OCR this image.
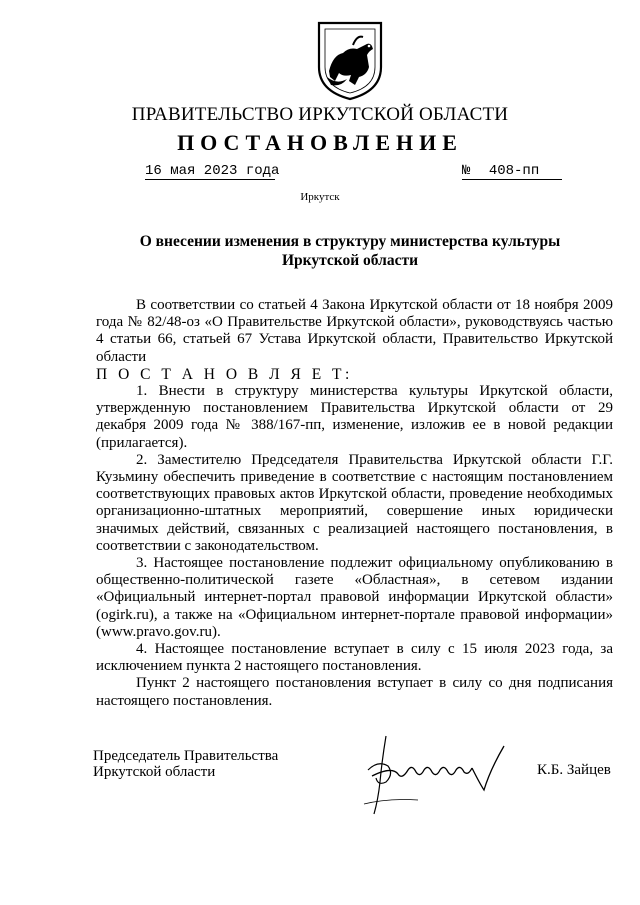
ПРАВИТЕЛЬСТВО ИРКУТСКОЙ ОБЛАСТИ
ПОСТАНОВЛЕНИЕ
16 мая 2023 года	№ 408-пп
Иркутск
О внесении изменения в структуру министерства культуры
Иркутской области

В соответствии со статьей 4 Закона Иркутской области от 18 ноября 2009 года № 82/48-оз «О Правительстве Иркутской области», руководствуясь частью 4 статьи 66, статьей 67 Устава Иркутской области, Правительство Иркутской области

П О С Т А Н О В Л Я Е Т:

1. Внести в структуру министерства культуры Иркутской области, утвержденную постановлением Правительства Иркутской области от 29 декабря 2009 года № 388/167-пп, изменение, изложив ее в новой редакции (прилагается).

2. Заместителю Председателя Правительства Иркутской области Г.Г. Кузьмину обеспечить приведение в соответствие с настоящим постановлением соответствующих правовых актов Иркутской области, проведение необходимых организационно-штатных мероприятий, совершение иных юридически значимых действий, связанных с реализацией настоящего постановления, в соответствии с законодательством.

3. Настоящее постановление подлежит официальному опубликованию в общественно-политической газете «Областная», в сетевом издании «Официальный интернет-портал правовой информации Иркутской области» (ogirk.ru), а также на «Официальном интернет-портале правовой информации» (www.pravo.gov.ru).

4. Настоящее постановление вступает в силу с 15 июля 2023 года, за исключением пункта 2 настоящего постановления.

Пункт 2 настоящего постановления вступает в силу со дня подписания настоящего постановления.

Председатель Правительства
Иркутской области	К.Б. Зайцев
